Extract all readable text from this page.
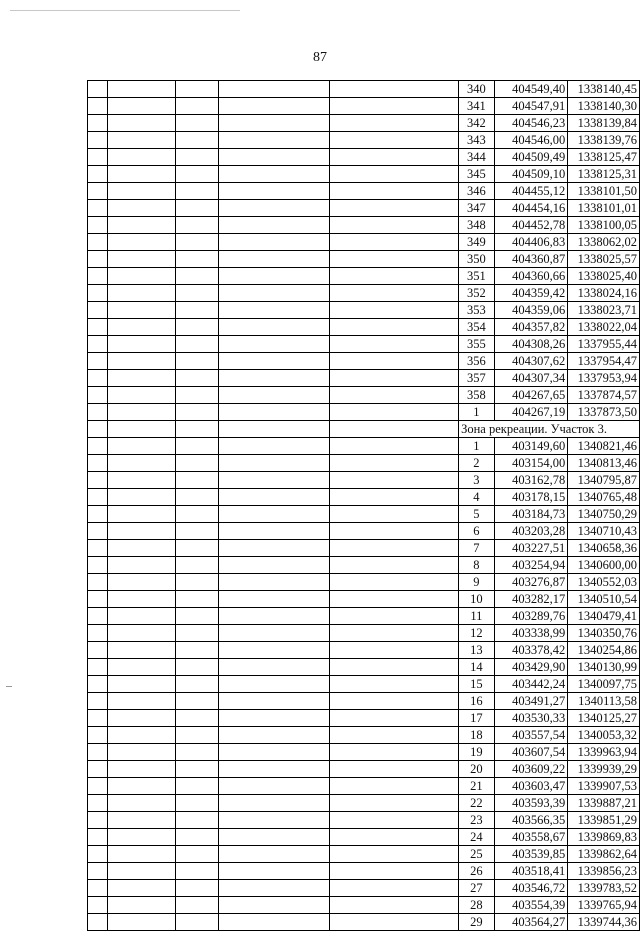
87
					340	404549,40	1338140,45
					341	404547,91	1338140,30
					342	404546,23	1338139,84
					343	404546,00	1338139,76
					344	404509,49	1338125,47
					345	404509,10	1338125,31
					346	404455,12	1338101,50
					347	404454,16	1338101,01
					348	404452,78	1338100,05
					349	404406,83	1338062,02
					350	404360,87	1338025,57
					351	404360,66	1338025,40
					352	404359,42	1338024,16
					353	404359,06	1338023,71
					354	404357,82	1338022,04
					355	404308,26	1337955,44
					356	404307,62	1337954,47
					357	404307,34	1337953,94
					358	404267,65	1337874,57
					1	404267,19	1337873,50
					Зона рекреации. Участок 3.		
					1	403149,60	1340821,46
					2	403154,00	1340813,46
					3	403162,78	1340795,87
					4	403178,15	1340765,48
					5	403184,73	1340750,29
					6	403203,28	1340710,43
					7	403227,51	1340658,36
					8	403254,94	1340600,00
					9	403276,87	1340552,03
					10	403282,17	1340510,54
					11	403289,76	1340479,41
					12	403338,99	1340350,76
					13	403378,42	1340254,86
					14	403429,90	1340130,99
					15	403442,24	1340097,75
					16	403491,27	1340113,58
					17	403530,33	1340125,27
					18	403557,54	1340053,32
					19	403607,54	1339963,94
					20	403609,22	1339939,29
					21	403603,47	1339907,53
					22	403593,39	1339887,21
					23	403566,35	1339851,29
					24	403558,67	1339869,83
					25	403539,85	1339862,64
					26	403518,41	1339856,23
					27	403546,72	1339783,52
					28	403554,39	1339765,94
					29	403564,27	1339744,36
